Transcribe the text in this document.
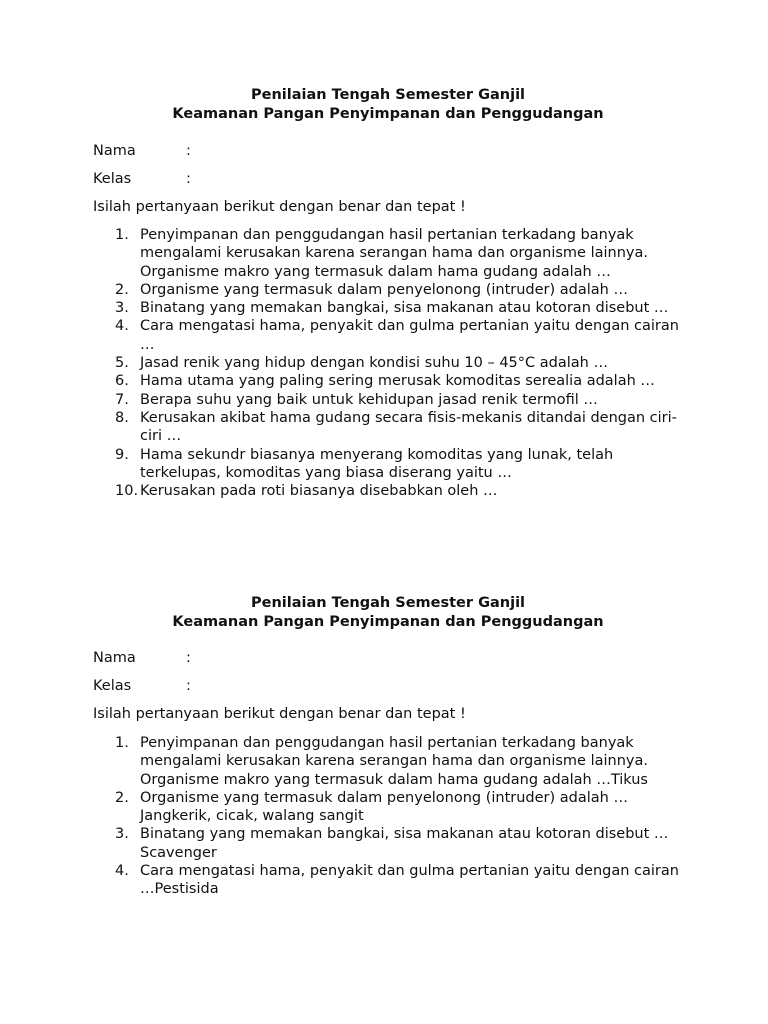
Penilaian Tengah Semester Ganjil
Keamanan Pangan Penyimpanan dan Penggudangan
Nama	:
Kelas	:
Isilah pertanyaan berikut dengan benar dan tepat !
1. Penyimpanan dan penggudangan hasil pertanian terkadang banyak mengalami kerusakan karena serangan hama dan organisme lainnya. Organisme makro yang termasuk dalam hama gudang adalah …
2. Organisme yang termasuk dalam penyelonong (intruder) adalah …
3. Binatang yang memakan bangkai, sisa makanan atau kotoran disebut …
4. Cara mengatasi hama, penyakit dan gulma pertanian yaitu dengan cairan …
5. Jasad renik yang hidup dengan kondisi suhu 10 – 45°C adalah …
6. Hama utama yang paling sering merusak komoditas serealia adalah …
7. Berapa suhu yang baik untuk kehidupan jasad renik termofil …
8. Kerusakan akibat hama gudang secara fisis-mekanis ditandai dengan ciri-ciri …
9. Hama sekundr biasanya menyerang komoditas yang lunak, telah terkelupas, komoditas yang biasa diserang yaitu …
10. Kerusakan pada roti biasanya disebabkan oleh …
Penilaian Tengah Semester Ganjil
Keamanan Pangan Penyimpanan dan Penggudangan
Nama	:
Kelas	:
Isilah pertanyaan berikut dengan benar dan tepat !
1. Penyimpanan dan penggudangan hasil pertanian terkadang banyak mengalami kerusakan karena serangan hama dan organisme lainnya. Organisme makro yang termasuk dalam hama gudang adalah …Tikus
2. Organisme yang termasuk dalam penyelonong (intruder) adalah … Jangkerik, cicak, walang sangit
3. Binatang yang memakan bangkai, sisa makanan atau kotoran disebut …Scavenger
4. Cara mengatasi hama, penyakit dan gulma pertanian yaitu dengan cairan …Pestisida
